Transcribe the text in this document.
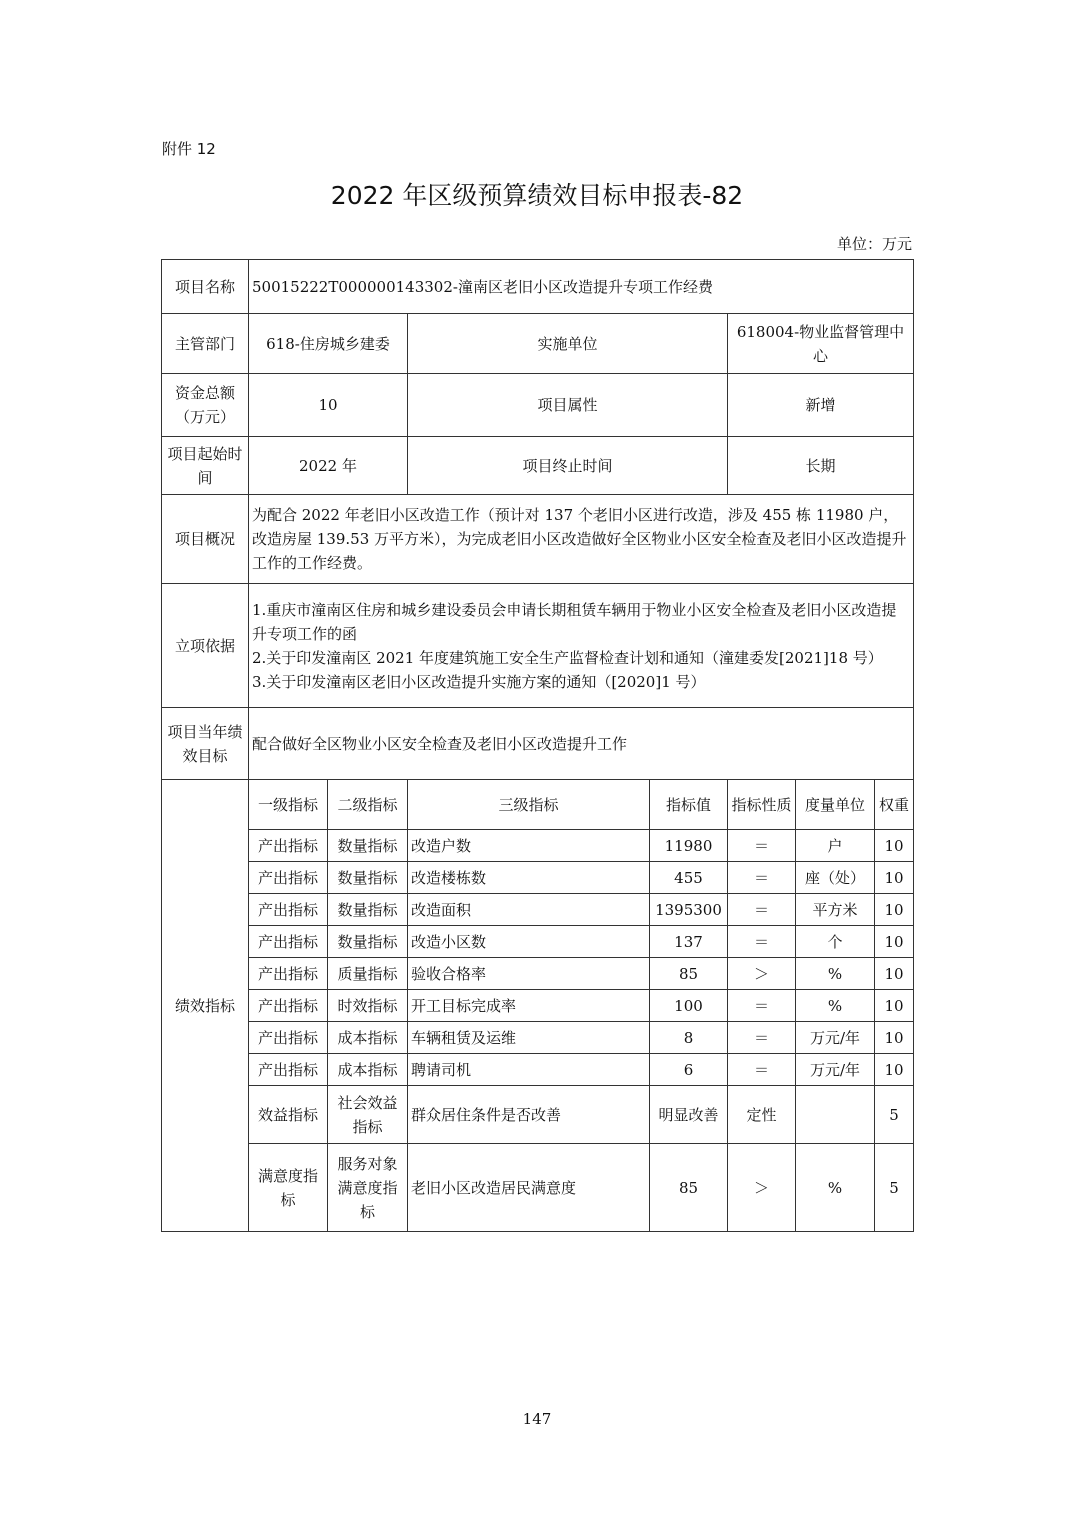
附件 12
2022 年区级预算绩效目标申报表-82
单位：万元
项目名称	50015222T000000143302-潼南区老旧小区改造提升专项工作经费						
主管部门	618-住房城乡建委		实施单位		618004-物业监督管理中心		
资金总额（万元）	10		项目属性		新增		
项目起始时间	2022 年		项目终止时间		长期		
项目概况	为配合 2022 年老旧小区改造工作（预计对 137 个老旧小区进行改造，涉及 455 栋 11980 户，改造房屋 139.53 万平方米），为完成老旧小区改造做好全区物业小区安全检查及老旧小区改造提升工作的工作经费。						
立项依据	1.重庆市潼南区住房和城乡建设委员会申请长期租赁车辆用于物业小区安全检查及老旧小区改造提升专项工作的函
2.关于印发潼南区 2021 年度建筑施工安全生产监督检查计划和通知（潼建委发[2021]18 号）
3.关于印发潼南区老旧小区改造提升实施方案的通知（[2020]1 号）						

项目当年绩效目标	配合做好全区物业小区安全检查及老旧小区改造提升工作						
绩效指标	一级指标	二级指标	三级指标	指标值	指标性质	度量单位	权重
	产出指标	数量指标	改造户数	11980	＝	户	10
	产出指标	数量指标	改造楼栋数	455	＝	座（处）	10
	产出指标	数量指标	改造面积	1395300	＝	平方米	10
	产出指标	数量指标	改造小区数	137	＝	个	10
	产出指标	质量指标	验收合格率	85	＞	%	10
	产出指标	时效指标	开工目标完成率	100	＝	%	10
	产出指标	成本指标	车辆租赁及运维	8	＝	万元/年	10
	产出指标	成本指标	聘请司机	6	＝	万元/年	10
	效益指标	社会效益指标	群众居住条件是否改善	明显改善	定性		5
	满意度指标	服务对象满意度指标	老旧小区改造居民满意度	85	＞	%	5
147
